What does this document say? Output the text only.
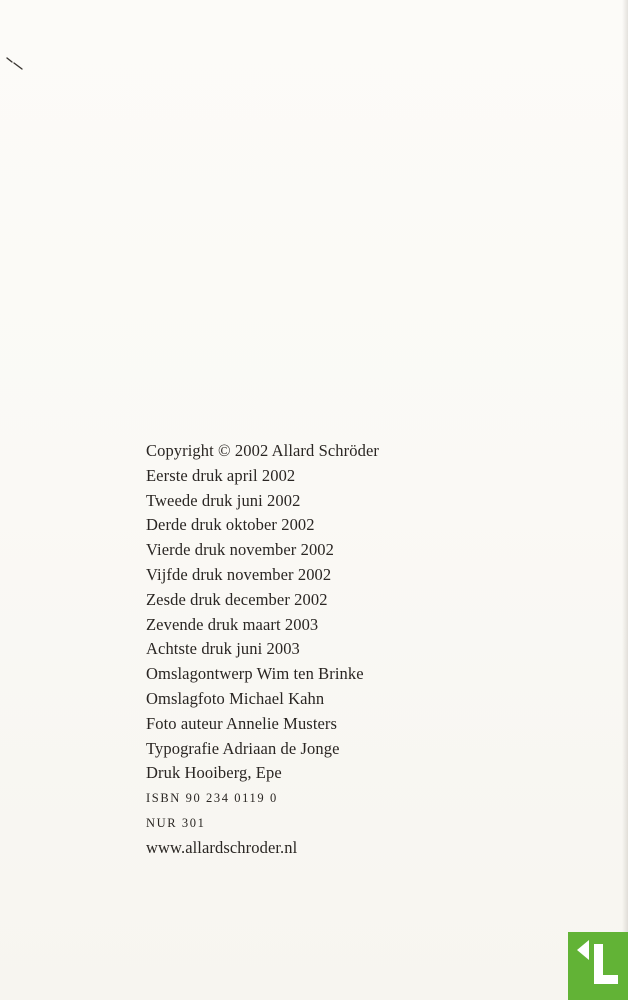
Copyright © 2002 Allard Schröder
Eerste druk april 2002
Tweede druk juni 2002
Derde druk oktober 2002
Vierde druk november 2002
Vijfde druk november 2002
Zesde druk december 2002
Zevende druk maart 2003
Achtste druk juni 2003
Omslagontwerp Wim ten Brinke
Omslagfoto Michael Kahn
Foto auteur Annelie Musters
Typografie Adriaan de Jonge
Druk Hooiberg, Epe
ISBN 90 234 0119 0
NUR 301
www.allardschroder.nl
